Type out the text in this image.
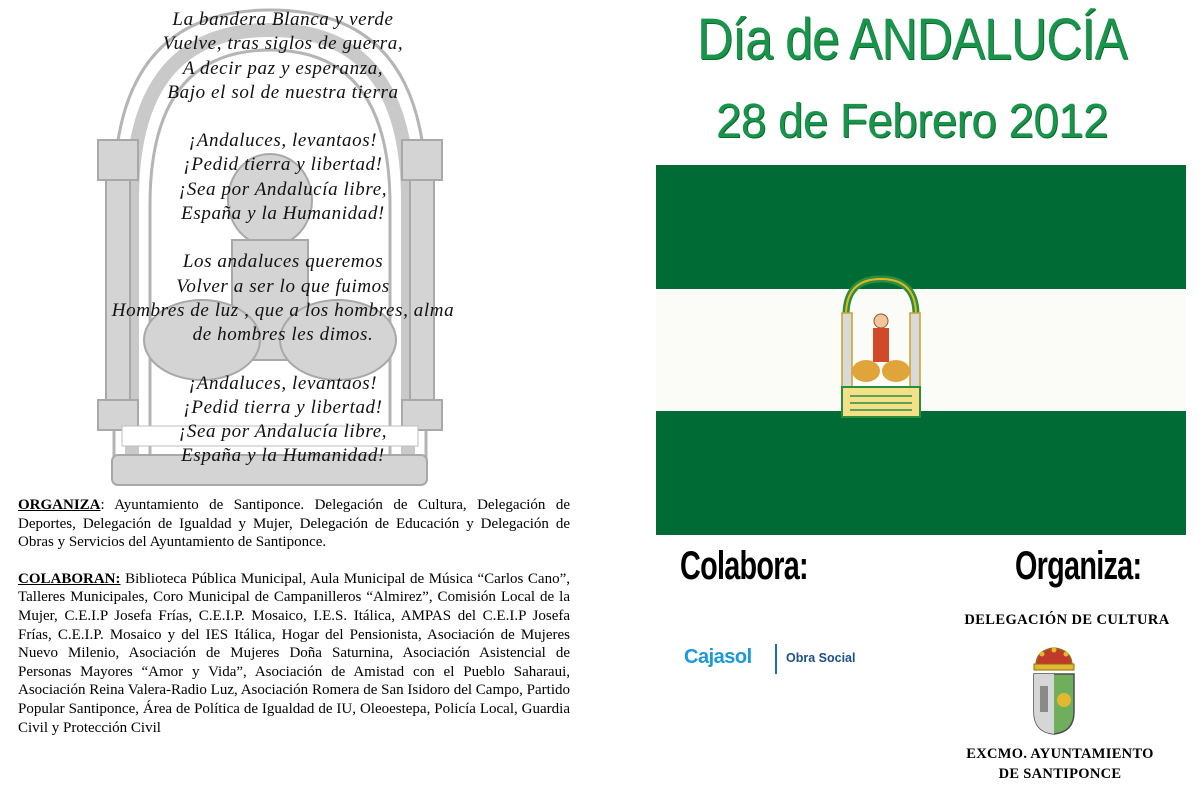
La bandera Blanca y verde
Vuelve, tras siglos de guerra,
A decir paz y esperanza,
Bajo el sol de nuestra tierra
¡Andaluces, levantaos!
¡Pedid tierra y libertad!
¡Sea por Andalucía libre,
España y la Humanidad!
Los andaluces queremos
Volver a ser lo que fuimos
Hombres de luz , que a los hombres, alma
de hombres les dimos.
¡Andaluces, levantaos!
¡Pedid tierra y libertad!
¡Sea por Andalucía libre,
España y la Humanidad!

ORGANIZA: Ayuntamiento de Santiponce. Delegación de Cultura, Delegación de Deportes, Delegación de Igualdad y Mujer, Delegación de Educación y Delegación de Obras y Servicios del Ayuntamiento de Santiponce.

COLABORAN: Biblioteca Pública Municipal, Aula Municipal de Música “Carlos Cano”, Talleres Municipales, Coro Municipal de Campanilleros “Almirez”, Comisión Local de la Mujer, C.E.I.P Josefa Frías, C.E.I.P. Mosaico, I.E.S. Itálica, AMPAS del C.E.I.P Josefa Frías, C.E.I.P. Mosaico y del IES Itálica, Hogar del Pensionista, Asociación de Mujeres Nuevo Milenio, Asociación de Mujeres Doña Saturnina, Asociación Asistencial de Personas Mayores “Amor y Vida”, Asociación de Amistad con el Pueblo Saharaui, Asociación Reina Valera-Radio Luz, Asociación Romera de San Isidoro del Campo, Partido Popular Santiponce, Área de Política de Igualdad de IU, Oleoestepa, Policía Local, Guardia Civil y Protección Civil

Día de ANDALUCÍA
28 de Febrero 2012
Colabora:	Organiza:
Cajasol	Obra Social
DELEGACIÓN DE CULTURA
EXCMO. AYUNTAMIENTO
DE SANTIPONCE
